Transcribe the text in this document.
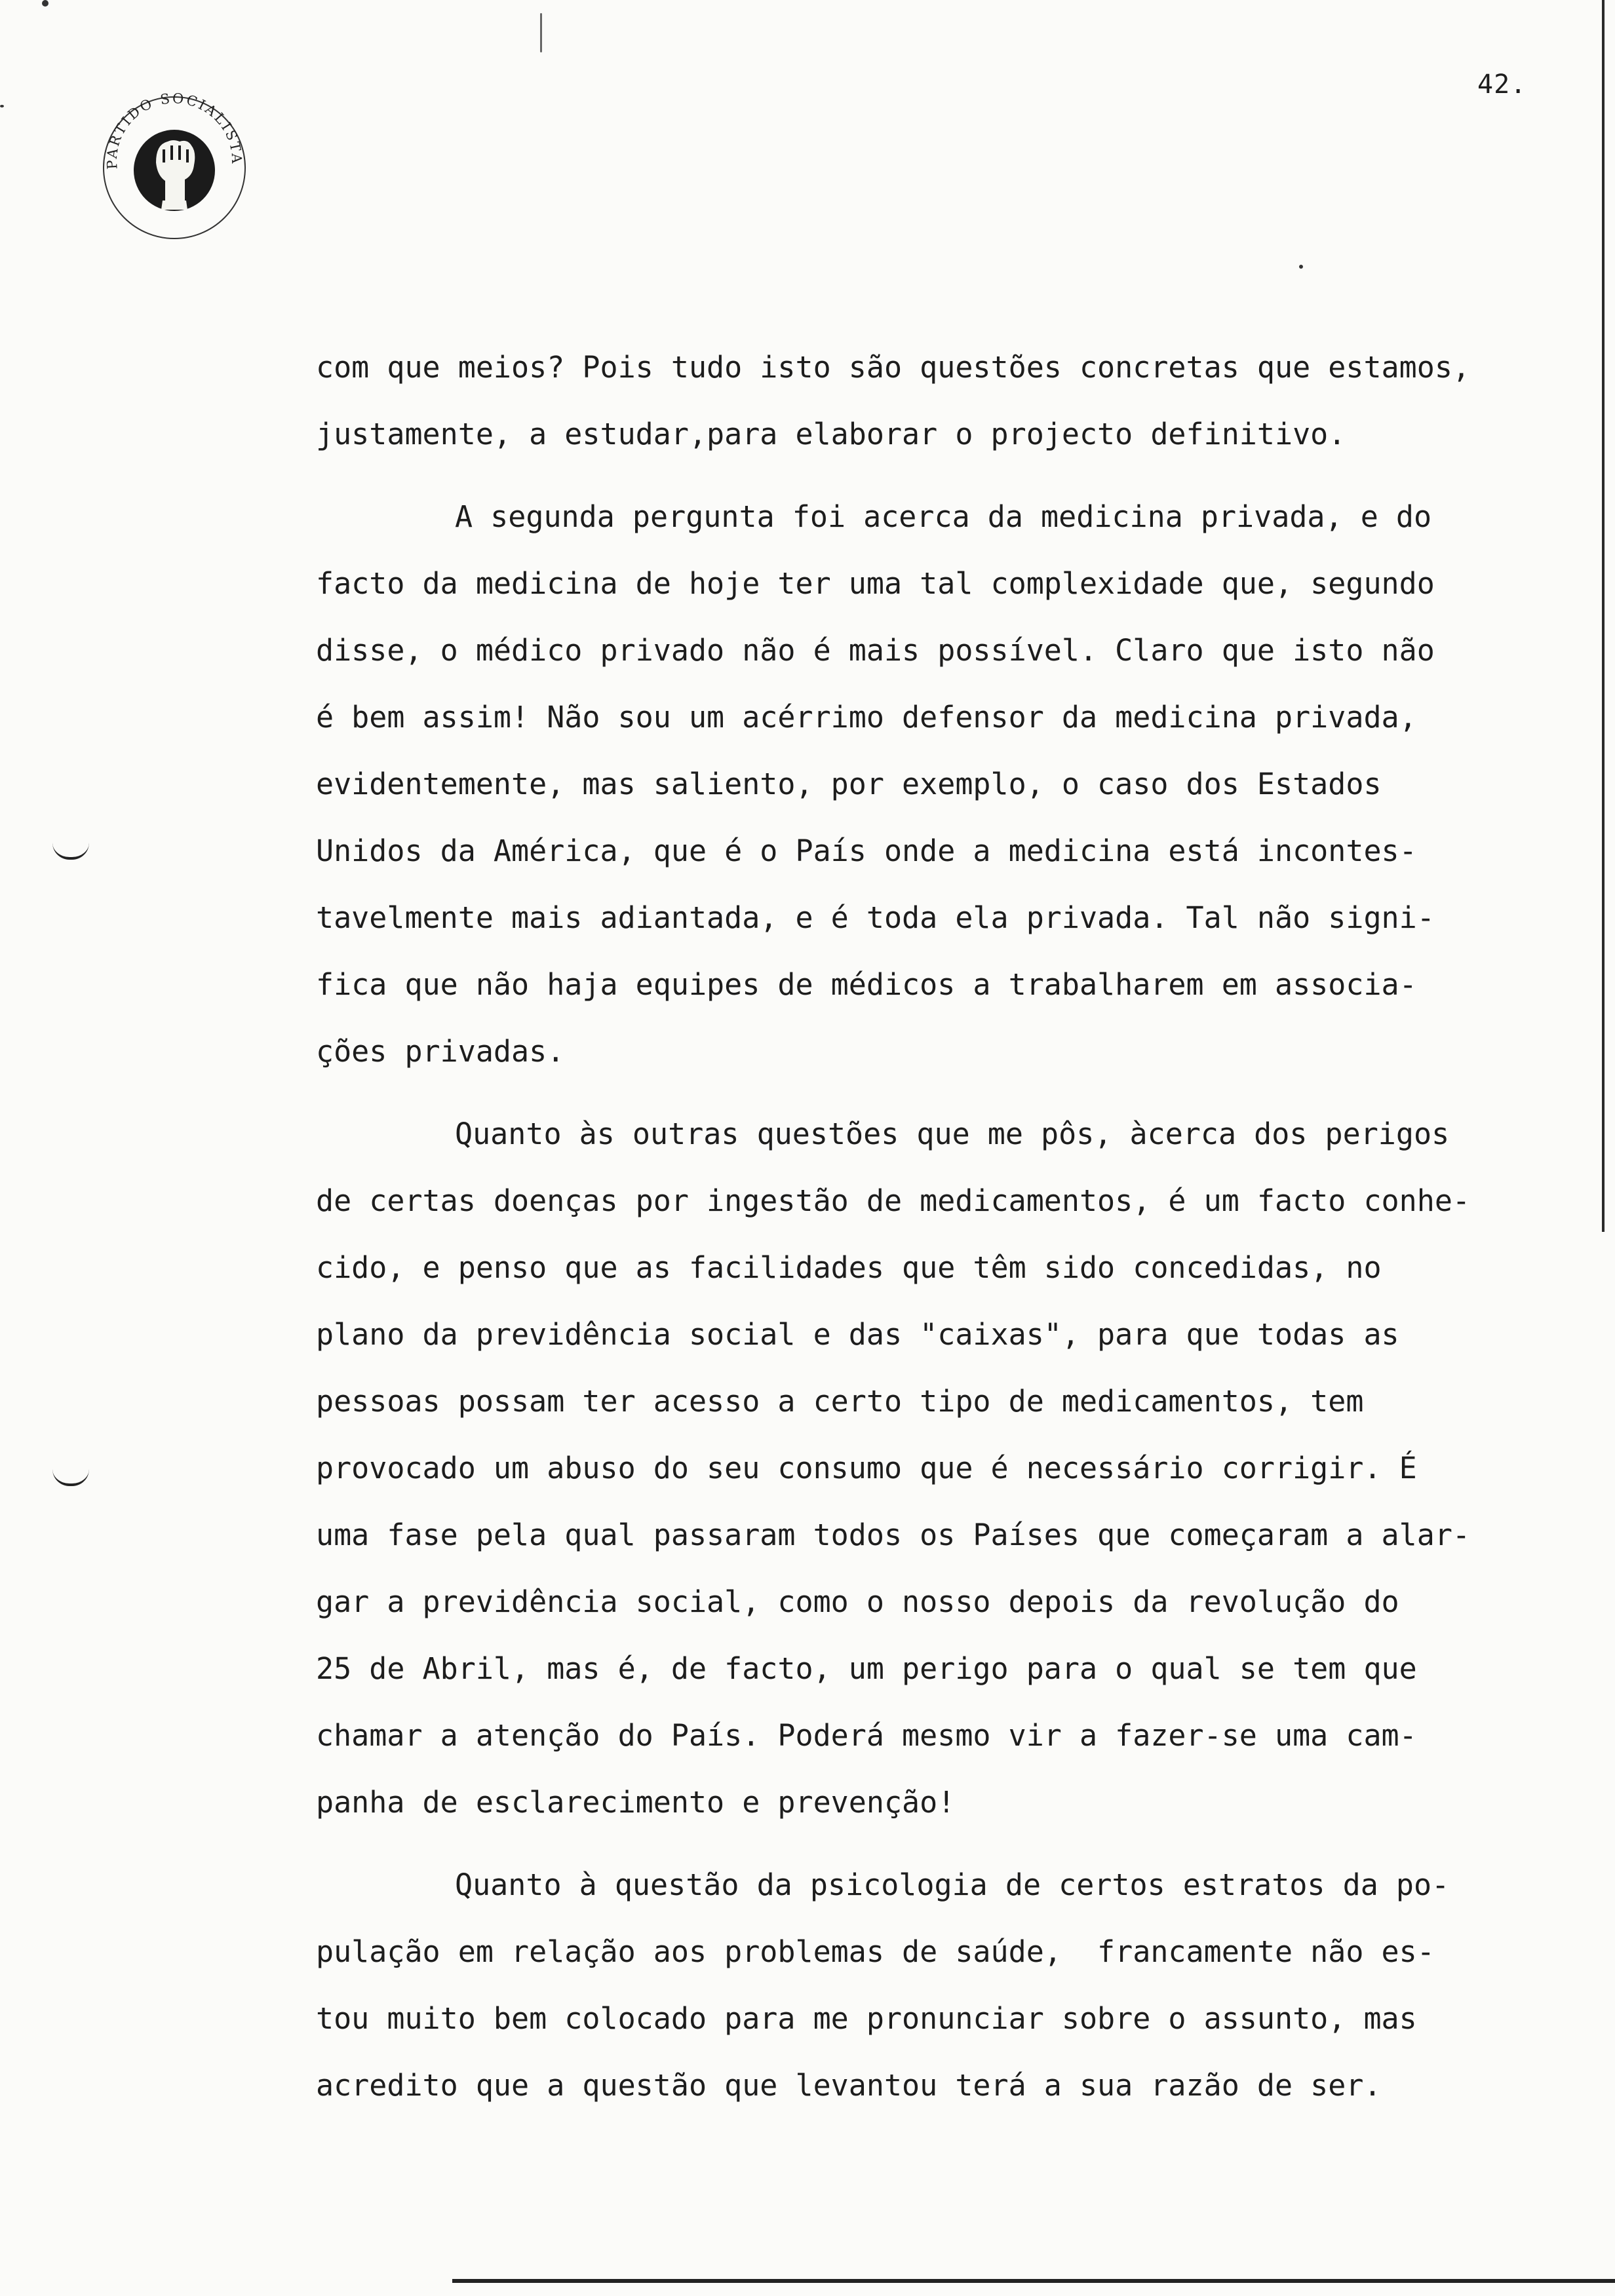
42.
PARTIDO SOCIALISTA
com que meios? Pois tudo isto são questões concretas que estamos,
justamente, a estudar,para elaborar o projecto definitivo.
A segunda pergunta foi acerca da medicina privada, e do
facto da medicina de hoje ter uma tal complexidade que, segundo
disse, o médico privado não é mais possível. Claro que isto não
é bem assim! Não sou um acérrimo defensor da medicina privada,
evidentemente, mas saliento, por exemplo, o caso dos Estados
Unidos da América, que é o País onde a medicina está incontes-
tavelmente mais adiantada, e é toda ela privada. Tal não signi-
fica que não haja equipes de médicos a trabalharem em associa-
ções privadas.
Quanto às outras questões que me pôs, àcerca dos perigos
de certas doenças por ingestão de medicamentos, é um facto conhe-
cido, e penso que as facilidades que têm sido concedidas, no
plano da previdência social e das "caixas", para que todas as
pessoas possam ter acesso a certo tipo de medicamentos, tem
provocado um abuso do seu consumo que é necessário corrigir. É
uma fase pela qual passaram todos os Países que começaram a alar-
gar a previdência social, como o nosso depois da revolução do
25 de Abril, mas é, de facto, um perigo para o qual se tem que
chamar a atenção do País. Poderá mesmo vir a fazer-se uma cam-
panha de esclarecimento e prevenção!
Quanto à questão da psicologia de certos estratos da po-
pulação em relação aos problemas de saúde,  francamente não es-
tou muito bem colocado para me pronunciar sobre o assunto, mas
acredito que a questão que levantou terá a sua razão de ser.
